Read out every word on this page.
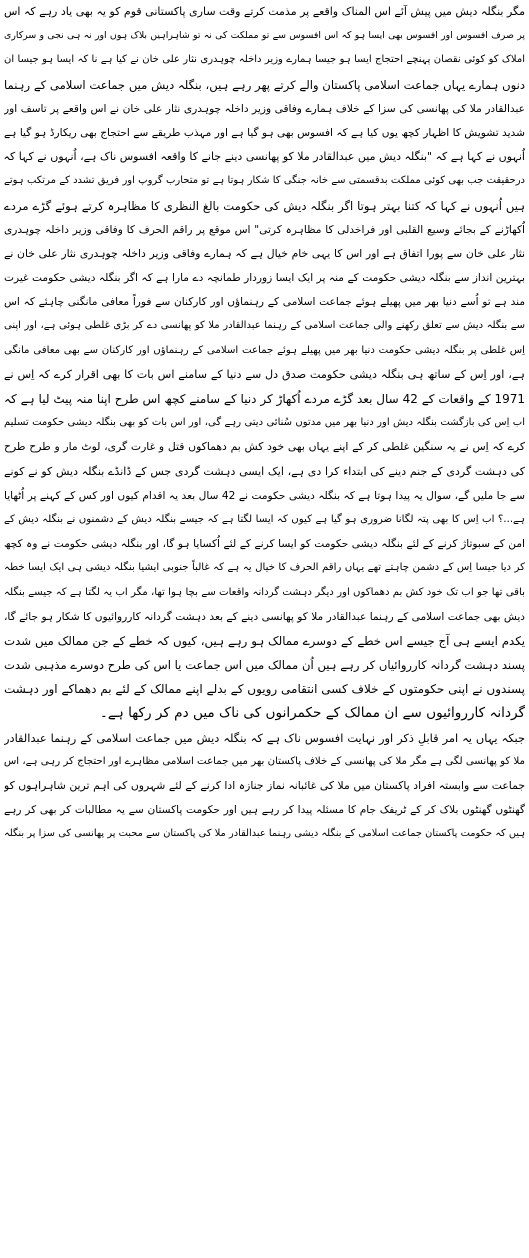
مگر بنگلہ دیش میں پیش آئے اس المناک واقعے پر مذمت کرتے وقت ساری پاکستانی قوم کو یہ بھی یاد رہے کہ اس
پر صرف افسوس اور افسوس بھی ایسا ہو کہ اس افسوس سے تو مملکت کی نہ تو شاہراہیں بلاک ہوں اور نہ ہی نجی و سرکاری
املاک کو کوئی نقصان پہنچے احتجاج ایسا ہو جیسا ہمارے وزیر داخلہ چوہدری نثار علی خان نے کیا ہے نا کہ ایسا ہو جیسا ان
دنوں ہمارے یہاں جماعت اسلامی پاکستان والے کرتے پھر رہے ہیں، بنگلہ دیش میں جماعت اسلامی کے رہنما
عبدالقادر ملا کی پھانسی کی سزا کے خلاف ہمارے وفاقی وزیر داخلہ چوہدری نثار علی خان نے اس واقعے پر تاسف اور
شدید تشویش کا اظہار کچھ یوں کیا ہے کہ افسوس بھی ہو گیا ہے اور مہذب طریقے سے احتجاج بھی ریکارڈ ہو گیا ہے
اُنہوں نے کہا ہے کہ "بنگلہ دیش میں عبدالقادر ملا کو پھانسی دینے جانے کا واقعہ افسوس ناک ہے، اُنہوں نے کہا کہ
درحقیقت جب بھی کوئی مملکت بدقسمتی سے خانہ جنگی کا شکار ہوتا ہے تو متحارب گروپ اور فریق تشدد کے مرتکب ہوتے
ہیں اُنہوں نے کہا کہ کتنا بہتر ہوتا اگر بنگلہ دیش کی حکومت بالغ النظری کا مظاہرہ کرتے ہوئے گڑے مردے
اُکھاڑنے کے بجائے وسیع القلبی اور فراخدلی کا مظاہرہ کرتی" اس موقع پر راقم الحرف کا وفاقی وزیر داخلہ چوہدری
نثار علی خان سے پورا اتفاق ہے اور اس کا یہی خام خیال ہے کہ ہمارے وفاقی وزیر داخلہ چوہدری نثار علی خان نے
بہترین انداز سے بنگلہ دیشی حکومت کے منہ پر ایک ایسا زوردار طمانچہ دے مارا ہے کہ اگر بنگلہ دیشی حکومت غیرت
مند ہے تو اُسے دنیا بھر میں پھیلے ہوئے جماعت اسلامی کے رہنماؤں اور کارکنان سے فوراً معافی مانگنی چاہئے کہ اس
سے بنگلہ دیش سے تعلق رکھنے والی جماعت اسلامی کے رہنما عبدالقادر ملا کو پھانسی دے کر بڑی غلطی ہوئی ہے، اور اپنی
اِس غلطی پر بنگلہ دیشی حکومت دنیا بھر میں پھیلے ہوئے جماعت اسلامی کے رہنماؤں اور کارکنان سے بھی معافی مانگی
ہے، اور اِس کے ساتھ ہی بنگلہ دیشی حکومت صدق دل سے دنیا کے سامنے اس بات کا بھی اقرار کرے کہ اِس نے
1971 کے واقعات کے 42 سال بعد گڑے مردے اُکھاڑ کر دنیا کے سامنے کچھ اس طرح اپنا منہ پیٹ لیا ہے کہ
اب اِس کی بازگشت بنگلہ دیش اور دنیا بھر میں مدتوں سُنائی دیتی رہے گی، اور اس بات کو بھی بنگلہ دیشی حکومت تسلیم
کرے کہ اِس نے یہ سنگین غلطی کر کے اپنے یہاں بھی خود کش بم دھماکوں قتل و غارت گری، لوٹ مار و طرح طرح
کی دہشت گردی کے جنم دینے کی ابتداء کرا دی ہے، ایک ایسی دہشت گردی جس کے ڈانڈے بنگلہ دیش کو نے کونے
سے جا ملیں گے، سوال یہ پیدا ہوتا ہے کہ بنگلہ دیشی حکومت نے 42 سال بعد یہ اقدام کیوں اور کس کے کہنے پر اُٹھایا
ہے...؟ اب اِس کا بھی پتہ لگانا ضروری ہو گیا ہے کیوں کہ ایسا لگتا ہے کہ جیسے بنگلہ دیش کے دشمنوں نے بنگلہ دیش کے
امن کے سبوتاژ کرنے کے لئے بنگلہ دیشی حکومت کو ایسا کرنے کے لئے اُکسایا ہو گا، اور بنگلہ دیشی حکومت نے وہ کچھ
کر دیا جیسا اِس کے دشمن چاہتے تھے یہاں راقم الحرف کا خیال یہ ہے کہ غالباً جنوبی ایشیا بنگلہ دیشی ہی ایک ایسا خطہ
باقی تھا جو اب تک خود کش بم دھماکوں اور دیگر دہشت گردانہ واقعات سے بچا ہوا تھا، مگر اب یہ لگتا ہے کہ جیسے بنگلہ
دیش بھی جماعت اسلامی کے رہنما عبدالقادر ملا کو پھانسی دینے کے بعد دہشت گردانہ کارروائیوں کا شکار ہو جائے گا،
یکدم ایسے ہی آج جیسے اس خطے کے دوسرے ممالک ہو رہے ہیں، کیوں کہ خطے کے جن ممالک میں شدت
پسند دہشت گردانہ کارروائیاں کر رہے ہیں اُن ممالک میں اس جماعت یا اس کی طرح دوسرے مذہبی شدت
پسندوں نے اپنی حکومتوں کے خلاف کسی انتقامی رویوں کے بدلے اپنے ممالک کے لئے بم دھماکے اور دہشت
گردانہ کارروائیوں سے ان ممالک کے حکمرانوں کی ناک میں دم کر رکھا ہے۔
جبکہ یہاں یہ امر قابلِ ذکر اور نہایت افسوس ناک ہے کہ بنگلہ دیش میں جماعت اسلامی کے رہنما عبدالقادر
ملا کو پھانسی لگی ہے مگر ملا کی پھانسی کے خلاف پاکستان بھر میں جماعت اسلامی مظاہرے اور احتجاج کر رہی ہے، اس
جماعت سے وابستہ افراد پاکستان میں ملا کی غائبانہ نماز جنازہ ادا کرنے کے لئے شہروں کی اہم ترین شاہراہوں کو
گھنٹوں گھنٹوں بلاک کر کے ٹریفک جام کا مسئلہ پیدا کر رہے ہیں اور حکومت پاکستان سے یہ مطالبات کر بھی کر رہے
ہیں کہ حکومت پاکستان جماعت اسلامی کے بنگلہ دیشی رہنما عبدالقادر ملا کی پاکستان سے محبت پر پھانسی کی سزا پر بنگلہ
